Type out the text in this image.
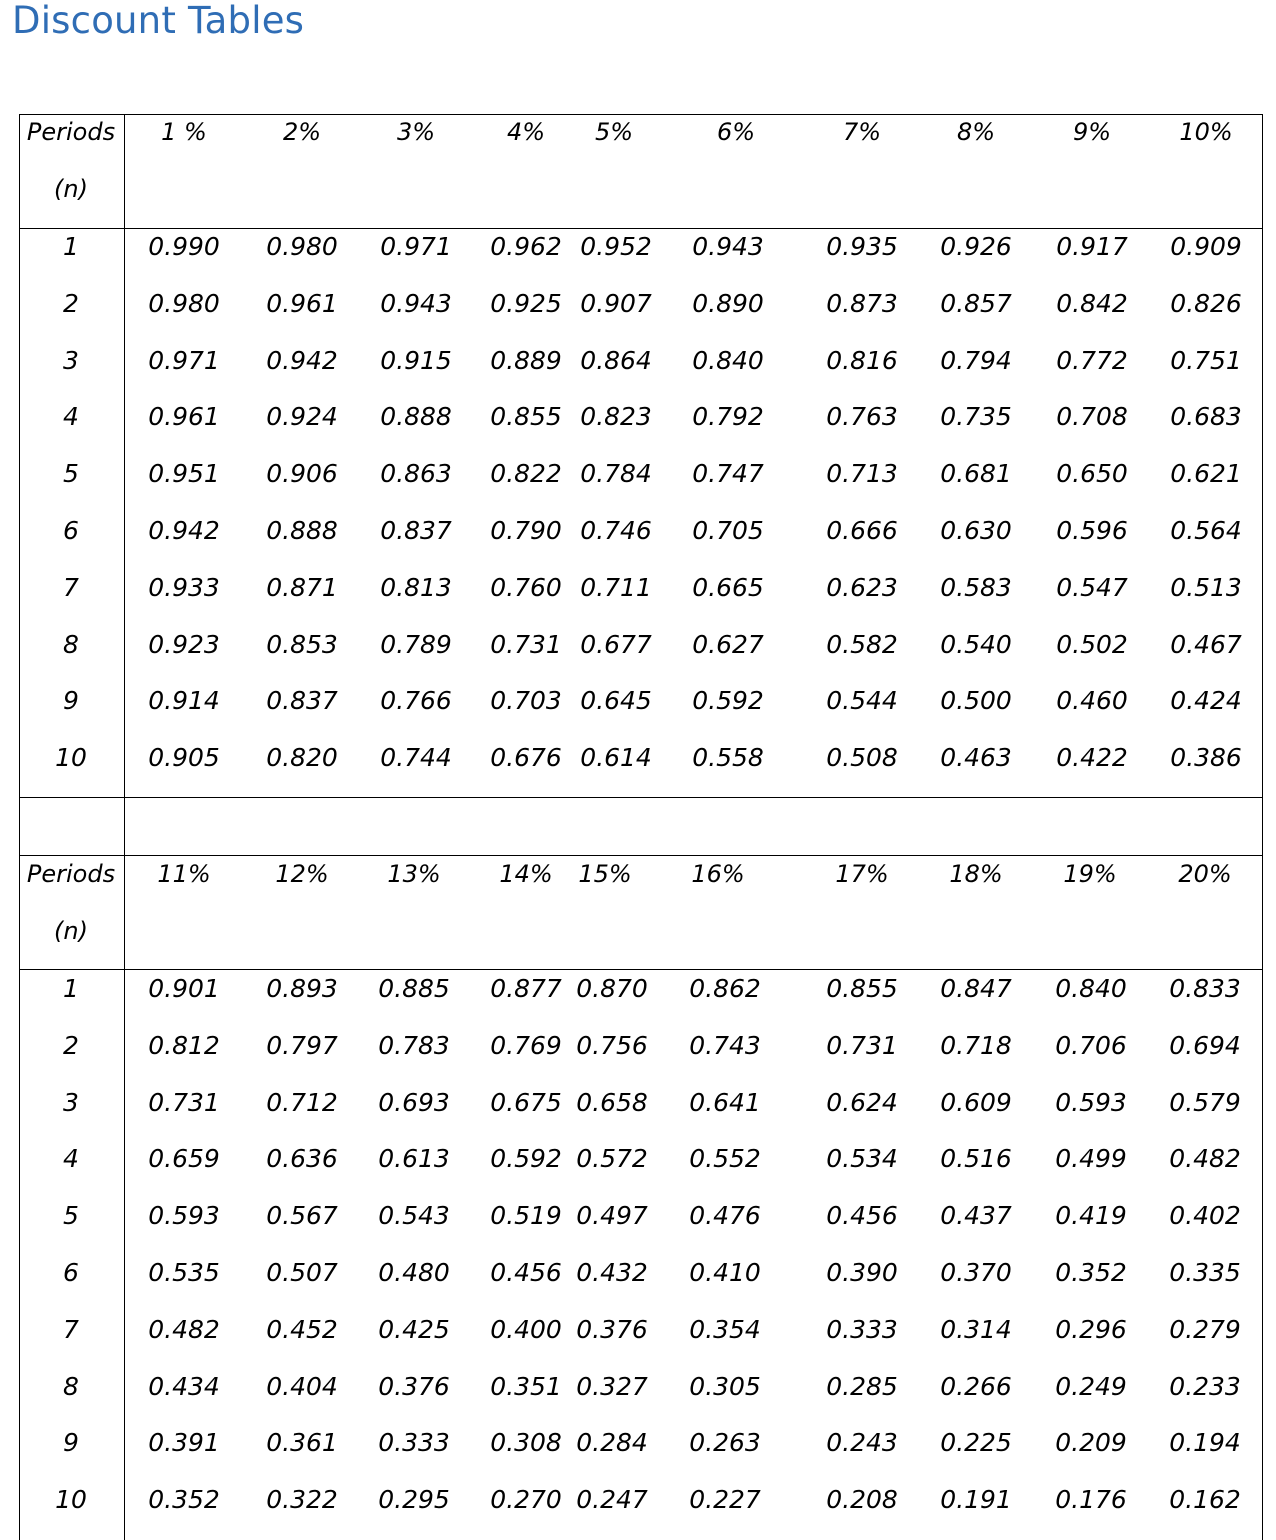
Discount Tables
Periods
(n)
1 %	2%	3%	4% 5%	6%	7%	8%	9%	10%
1	0.990 0.980 0.971 0.962 0.952 0.943 0.935 0.926 0.917 0.909
2	0.980 0.961 0.943 0.925 0.907 0.890 0.873 0.857 0.842 0.826
3	0.971 0.942 0.915 0.889 0.864 0.840 0.816 0.794 0.772 0.751
4	0.961 0.924 0.888 0.855 0.823 0.792 0.763 0.735 0.708 0.683
5	0.951 0.906 0.863 0.822 0.784 0.747 0.713 0.681 0.650 0.621
6	0.942 0.888 0.837 0.790 0.746 0.705 0.666 0.630 0.596 0.564
7	0.933 0.871 0.813 0.760 0.711 0.665 0.623 0.583 0.547 0.513
8	0.923 0.853 0.789 0.731 0.677 0.627 0.582 0.540 0.502 0.467
9	0.914 0.837 0.766 0.703 0.645 0.592 0.544 0.500 0.460 0.424
10 0.905 0.820 0.744 0.676 0.614 0.558 0.508 0.463 0.422 0.386
Periods
(n)
11%	12% 13% 14% 15% 16%	17%	18%	19%	20%
1	0.901 0.893 0.885 0.877 0.870 0.862	0.855 0.847 0.840 0.833
2	0.812 0.797 0.783 0.769 0.756 0.743	0.731 0.718 0.706 0.694
3	0.731 0.712 0.693 0.675 0.658 0.641	0.624 0.609 0.593 0.579
4	0.659 0.636 0.613 0.592 0.572 0.552	0.534 0.516 0.499 0.482
5	0.593 0.567 0.543 0.519 0.497 0.476	0.456 0.437 0.419 0.402
6	0.535 0.507 0.480 0.456 0.432 0.410	0.390 0.370 0.352 0.335
7	0.482 0.452 0.425 0.400 0.376 0.354	0.333 0.314 0.296 0.279
8	0.434 0.404 0.376 0.351 0.327 0.305	0.285 0.266 0.249 0.233
9	0.391 0.361 0.333 0.308 0.284 0.263	0.243 0.225 0.209 0.194
10 0.352 0.322 0.295 0.270 0.247 0.227	0.208 0.191 0.176 0.162
